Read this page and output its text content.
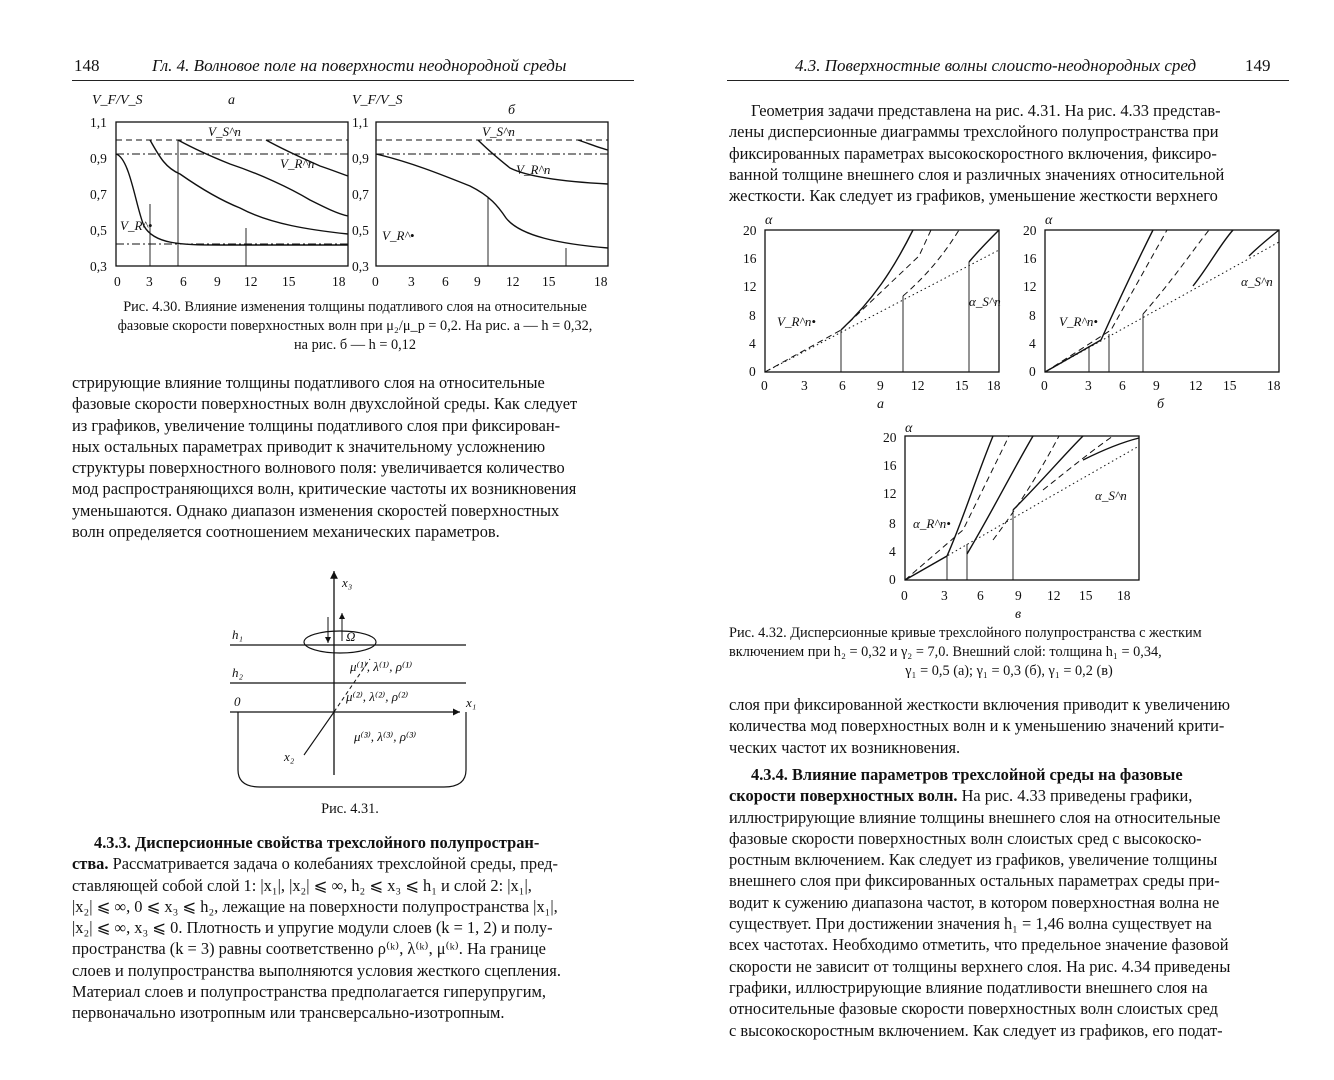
148	Гл. 4. Волновое поле на поверхности неоднородной среды
1,1
0,9
0,7
0,5
0,3
1,1
0,9
0,7
0,5
0,3
V_F/V_S	V_F/V_S
а
б
0 3 6 9 12 15	18 0 3 6 9 12 15	18
V_S^п
V_R^п
V_R^•
V_S^п
V_R^п
V_R^•
Рис. 4.30. Влияние изменения толщины податливого слоя на относительные
фазовые скорости поверхностных волн при μ₂/μ_p = 0,2. На рис. а — h = 0,32,
на рис. б — h = 0,12

стрирующие влияние толщины податливого слоя на относительные

фазовые скорости поверхностных волн двухслойной среды. Как следует

из графиков, увеличение толщины податливого слоя при фиксирован-

ных остальных параметрах приводит к значительному усложнению

структуры поверхностного волнового поля: увеличивается количество

мод распространяющихся волн, критические частоты их возникновения

уменьшаются. Однако диапазон изменения скоростей поверхностных

волн определяется соотношением механических параметров.

x₃
x₂
x₁
h₁
h₂
0
Ω
μ⁽¹⁾, λ⁽¹⁾, ρ⁽¹⁾
μ⁽²⁾, λ⁽²⁾, ρ⁽²⁾
μ⁽³⁾, λ⁽³⁾, ρ⁽³⁾
Рис. 4.31.

4.3.3. Дисперсионные свойства трехслойного полупростран-

ства. Рассматривается задача о колебаниях трехслойной среды, пред-

ставляющей собой слой 1: |x₁|, |x₂| ⩽ ∞, h₂ ⩽ x₃ ⩽ h₁ и слой 2: |x₁|,

|x₂| ⩽ ∞, 0 ⩽ x₃ ⩽ h₂, лежащие на поверхности полупространства |x₁|,

|x₂| ⩽ ∞, x₃ ⩽ 0. Плотность и упругие модули слоев (k = 1, 2) и полу-

пространства (k = 3) равны соответственно ρ⁽ᵏ⁾, λ⁽ᵏ⁾, μ⁽ᵏ⁾. На границе

слоев и полупространства выполняются условия жесткого сцепления.

Материал слоев и полупространства предполагается гиперупругим,

первоначально изотропным или трансверсально-изотропным.

4.3. Поверхностные волны слоисто-неоднородных сред	149

Геометрия задачи представлена на рис. 4.31. На рис. 4.33 представ-

лены дисперсионные диаграммы трехслойного полупространства при

фиксированных параметрах высокоскоростного включения, фиксиро-

ванной толщине внешнего слоя и различных значениях относительной

жесткости. Как следует из графиков, уменьшение жесткости верхнего

α
20
16
12
8
4
0
0 3 6 9 12 15 18
а
V_R^п•
α_S^п
α
20
16
12
8
4
0
0	3 6 9 12 15 18
б
V_R^п•
α_S^п
α
20
16
12
8
4
0
0 3 6 9 12 15 18
в
α_R^п•
α_S^п
Рис. 4.32. Дисперсионные кривые трехслойного полупространства с жестким
включением при h₂ = 0,32 и γ₂ = 7,0. Внешний слой: толщина h₁ = 0,34,
γ₁ = 0,5 (а); γ₁ = 0,3 (б), γ₁ = 0,2 (в)

слоя при фиксированной жесткости включения приводит к увеличению

количества мод поверхностных волн и к уменьшению значений крити-

ческих частот их возникновения.

4.3.4. Влияние параметров трехслойной среды на фазовые

скорости поверхностных волн. На рис. 4.33 приведены графики,

иллюстрирующие влияние толщины внешнего слоя на относительные

фазовые скорости поверхностных волн слоистых сред с высокоско-

ростным включением. Как следует из графиков, увеличение толщины

внешнего слоя при фиксированных остальных параметрах среды при-

водит к сужению диапазона частот, в котором поверхностная волна не

существует. При достижении значения h₁ = 1,46 волна существует на

всех частотах. Необходимо отметить, что предельное значение фазовой

скорости не зависит от толщины верхнего слоя. На рис. 4.34 приведены

графики, иллюстрирующие влияние податливости внешнего слоя на

относительные фазовые скорости поверхностных волн слоистых сред

с высокоскоростным включением. Как следует из графиков, его подат-
